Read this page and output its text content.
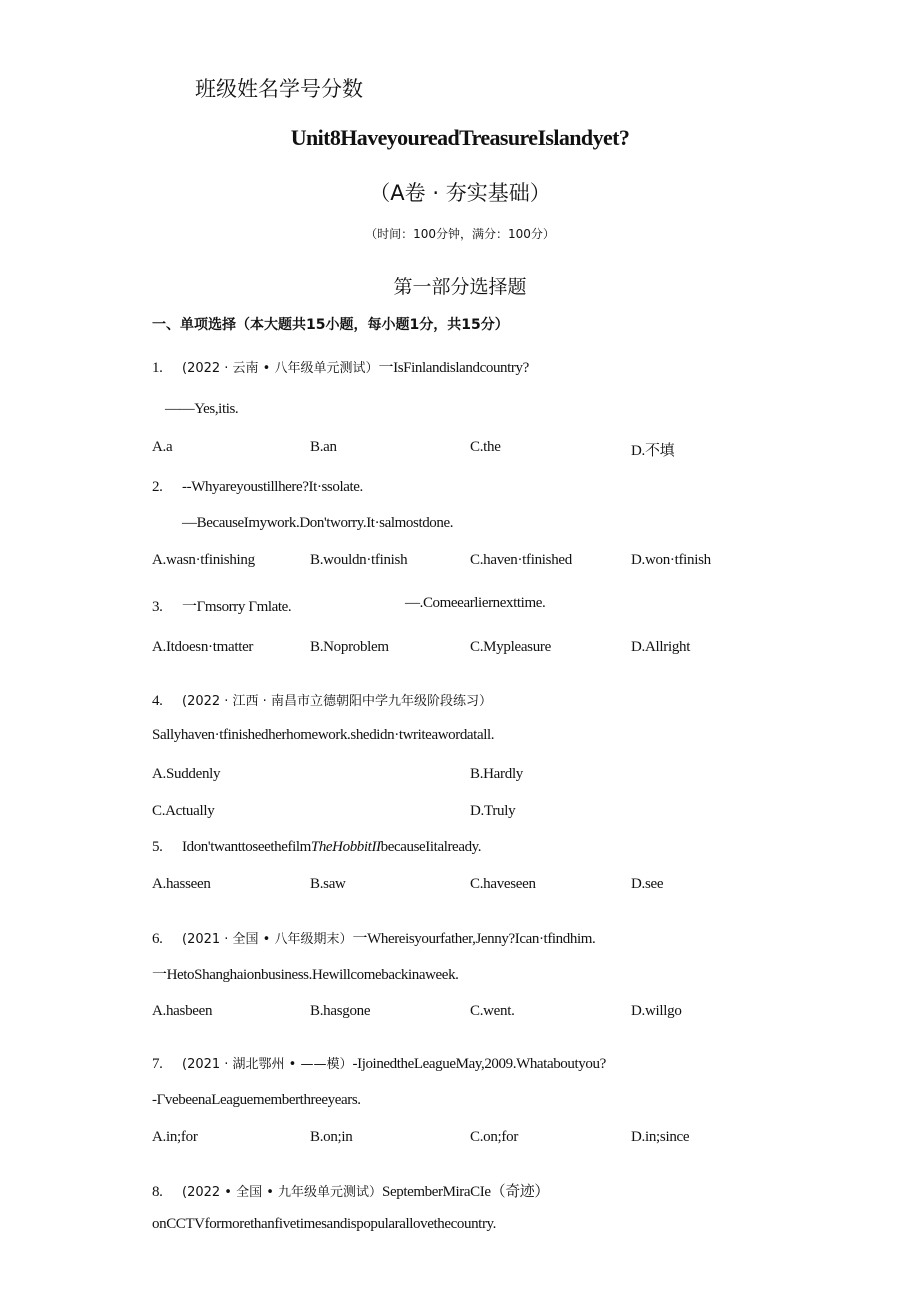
班级姓名学号分数
Unit8HaveyoureadTreasureIslandyet?
（A卷 · 夯实基础）
（时间：100分钟，满分：100分）
第一部分选择题
一、单项选择（本大题共15小题，每小题1分，共15分）
1. (2022 · 云南 • 八年级单元测试）一IsFinlandislandcountry?
——Yes,itis.
A.a	B.an	C.the	D.不填
2. --Whyareyoustillhere?It·ssolate.
—BecauseImywork.Don'tworry.It·salmostdone.
A.wasn·tfinishing	B.wouldn·tfinish	C.haven·tfinished	D.won·tfinish
3. 一Γmsorry Γmlate.	—.Comeearliernexttime.
A.Itdoesn·tmatter	B.Noproblem	C.Mypleasure	D.Allright
4. (2022 · 江西 · 南昌市立德朝阳中学九年级阶段练习）
Sallyhaven·tfinishedherhomework.shedidn·twriteawordatall.
A.Suddenly	B.Hardly
C.Actually	D.Truly
5. Idon'twanttoseethefilmTheHobbitIIbecauseIitalready.
A.hasseen	B.saw	C.haveseen	D.see
6. (2021 · 全国 • 八年级期末）一Whereisyourfather,Jenny?Ican·tfindhim.
一HetoShanghaionbusiness.Hewillcomebackinaweek.
A.hasbeen	B.hasgone	C.went.	D.willgo
7. (2021 · 湖北鄂州 • ——模）-IjoinedtheLeagueMay,2009.Whataboutyou?
-ΓvebeenaLeaguememberthreeyears.
A.in;for	B.on;in	C.on;for	D.in;since
8. (2022 • 全国 • 九年级单元测试）SeptemberMiraCIe（奇迹）
onCCTVformorethanfivetimesandispopularallovethecountry.
